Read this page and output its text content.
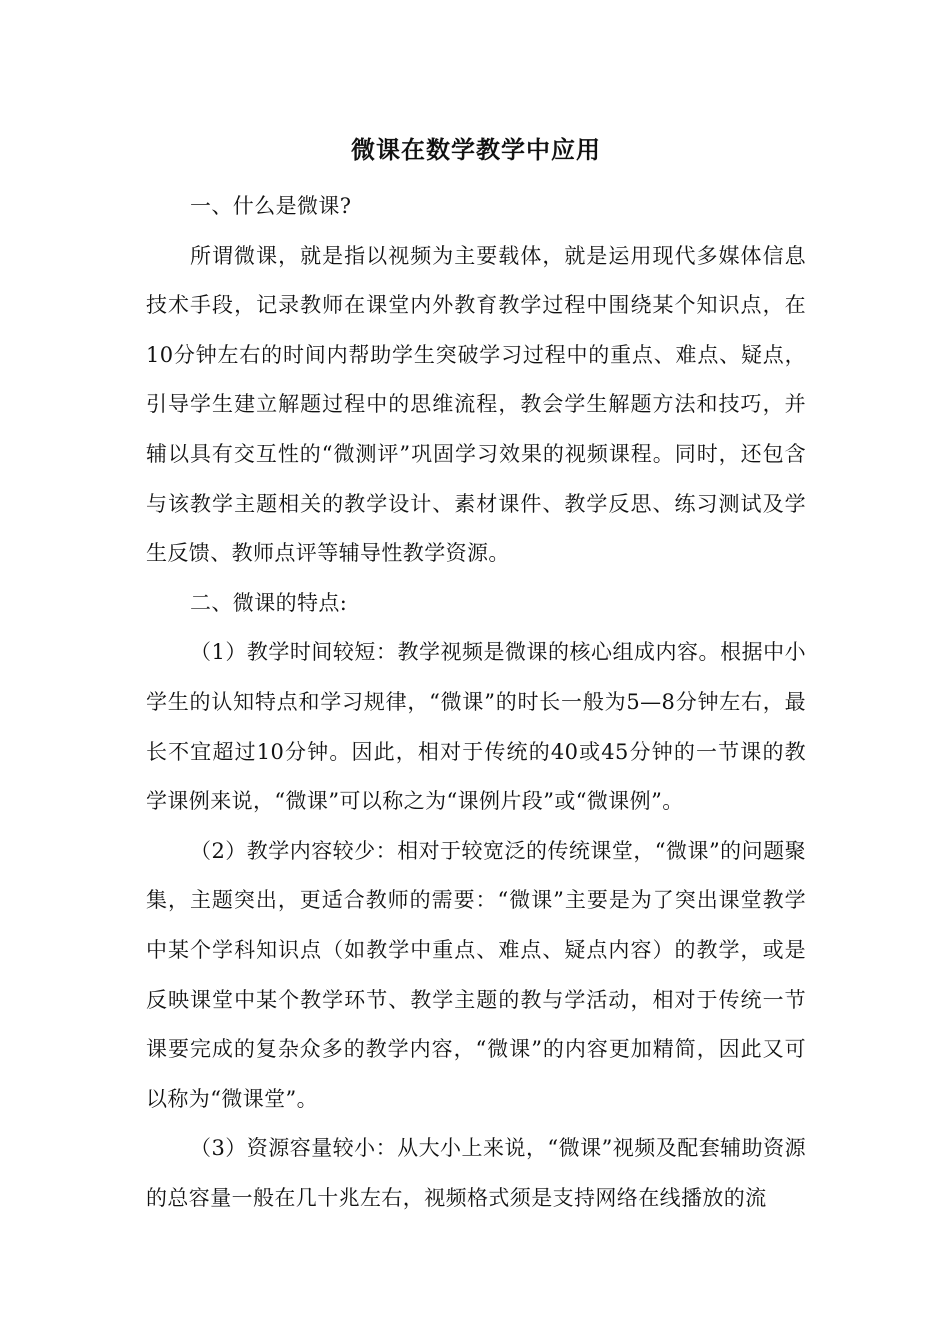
微课在数学教学中应用

一、什么是微课?

所谓微课，就是指以视频为主要载体，就是运用现代多媒体信息技术手段，记录教师在课堂内外教育教学过程中围绕某个知识点，在10分钟左右的时间内帮助学生突破学习过程中的重点、难点、疑点，引导学生建立解题过程中的思维流程，教会学生解题方法和技巧，并辅以具有交互性的“微测评”巩固学习效果的视频课程。同时，还包含与该教学主题相关的教学设计、素材课件、教学反思、练习测试及学生反馈、教师点评等辅导性教学资源。

二、微课的特点:

（1）教学时间较短：教学视频是微课的核心组成内容。根据中小学生的认知特点和学习规律，“微课”的时长一般为5—8分钟左右，最长不宜超过10分钟。因此，相对于传统的40或45分钟的一节课的教学课例来说，“微课”可以称之为“课例片段”或“微课例”。

（2）教学内容较少：相对于较宽泛的传统课堂，“微课”的问题聚集，主题突出，更适合教师的需要：“微课”主要是为了突出课堂教学中某个学科知识点（如教学中重点、难点、疑点内容）的教学，或是反映课堂中某个教学环节、教学主题的教与学活动，相对于传统一节课要完成的复杂众多的教学内容，“微课”的内容更加精简，因此又可以称为“微课堂”。

（3）资源容量较小：从大小上来说，“微课”视频及配套辅助资源的总容量一般在几十兆左右，视频格式须是支持网络在线播放的流
